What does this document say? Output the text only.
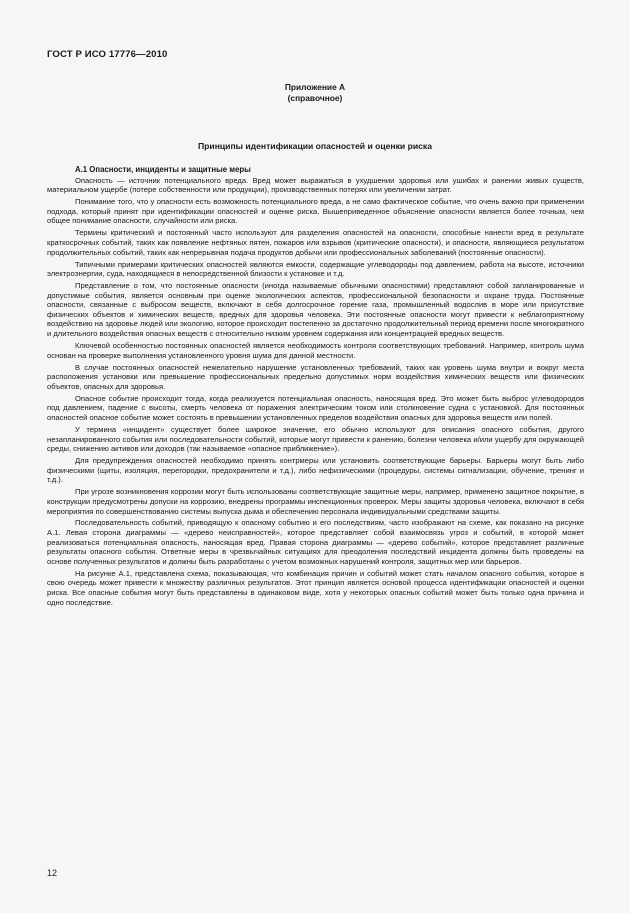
ГОСТ Р ИСО 17776—2010
Приложение А
(справочное)
Принципы идентификации опасностей и оценки риска
А.1 Опасности, инциденты и защитные меры

Опасность — источник потенциального вреда. Вред может выражаться в ухудшении здоровья или ушибах и ранении живых существ, материальном ущербе (потере собственности или продукции), производственных потерях или увеличении затрат.

Понимание того, что у опасности есть возможность потенциального вреда, а не само фактическое событие, что очень важно при применении подхода, который принят при идентификации опасностей и оценке риска. Вышеприведенное объяснение опасности является более точным, чем общее понимание опасности, случайности или риска.

Термины критический и постоянный часто используют для разделения опасностей на опасности, способные нанести вред в результате краткосрочных событий, таких как появление нефтяных пятен, пожаров или взрывов (критические опасности), и опасности, являющиеся результатом продолжительных событий, таких как непрерывная подача продуктов добычи или профессиональных заболеваний (постоянные опасности).

Типичными примерами критических опасностей являются емкости, содержащие углеводороды под давлением, работа на высоте, источники электроэнергии, суда, находящиеся в непосредственной близости к установке и т.д.

Представление о том, что постоянные опасности (иногда называемые обычными опасностями) представляют собой запланированные и допустимые события, является основным при оценке экологических аспектов, профессиональной безопасности и охране труда. Постоянные опасности, связанные с выбросом веществ, включают в себя долгосрочное горение газа, промышленный водослив в море или присутствие физических объектов и химических веществ, вредных для здоровья человека. Эти постоянные опасности могут привести к неблагоприятному воздействию на здоровье людей или экологию, которое происходит постепенно за достаточно продолжительный период времени после многократного и длительного воздействия опасных веществ с относительно низким уровнем содержания или концентрацией вредных веществ.

Ключевой особенностью постоянных опасностей является необходимость контроля соответствующих требований. Например, контроль шума основан на проверке выполнения установленного уровня шума для данной местности.

В случае постоянных опасностей нежелательно нарушение установленных требований, таких как уровень шума внутри и вокруг места расположения установки или превышение профессиональных предельно допустимых норм воздействия химических веществ или физических объектов, опасных для здоровья.

Опасное событие происходит тогда, когда реализуется потенциальная опасность, наносящая вред. Это может быть выброс углеводородов под давлением, падение с высоты, смерть человека от поражения электрическим током или столкновение судна с установкой. Для постоянных опасностей опасное событие может состоять в превышении установленных пределов воздействия опасных для здоровья веществ или полей.

У термина «инцидент» существует более широкое значение, его обычно используют для описания опасного события, другого незапланированного события или последовательности событий, которые могут привести к ранению, болезни человека и/или ущербу для окружающей среды, снижению активов или доходов (так называемое «опасное приближение»).

Для предупреждения опасностей необходимо принять контрмеры или установить соответствующие барьеры. Барьеры могут быть либо физическими (щиты, изоляция, перегородки, предохранители и т.д.), либо нефизическими (процедуры, системы сигнализации, обучение, тренинг и т.д.).

При угрозе возникновения коррозии могут быть использованы соответствующие защитные меры, например, применено защитное покрытие, в конструкции предусмотрены допуски на коррозию, внедрены программы инспекционных проверок. Меры защиты здоровья человека, включают в себя мероприятия по совершенствованию системы выпуска дыма и обеспечению персонала индивидуальными средствами защиты.

Последовательность событий, приводящую к опасному событию и его последствиям, часто изображают на схеме, как показано на рисунке А.1. Левая сторона диаграммы — «дерево неисправностей», которое представляет собой взаимосвязь угроз и событий, в которой может реализоваться потенциальная опасность, наносящая вред. Правая сторона диаграммы — «дерево событий», которое представляет различные результаты опасного события. Ответные меры в чрезвычайных ситуациях для преодоления последствий инцидента должны быть проведены на основе полученных результатов и должны быть разработаны с учетом возможных нарушений контроля, защитных мер или барьеров.

На рисунке А.1, представлена схема, показывающая, что комбинация причин и событий может стать началом опасного события, которое в свою очередь может привести к множеству различных результатов. Этот принцип является основой процесса идентификации опасностей и оценки риска. Все опасные события могут быть представлены в одинаковом виде, хотя у некоторых опасных событий может быть только одна причина и одно последствие.

12
